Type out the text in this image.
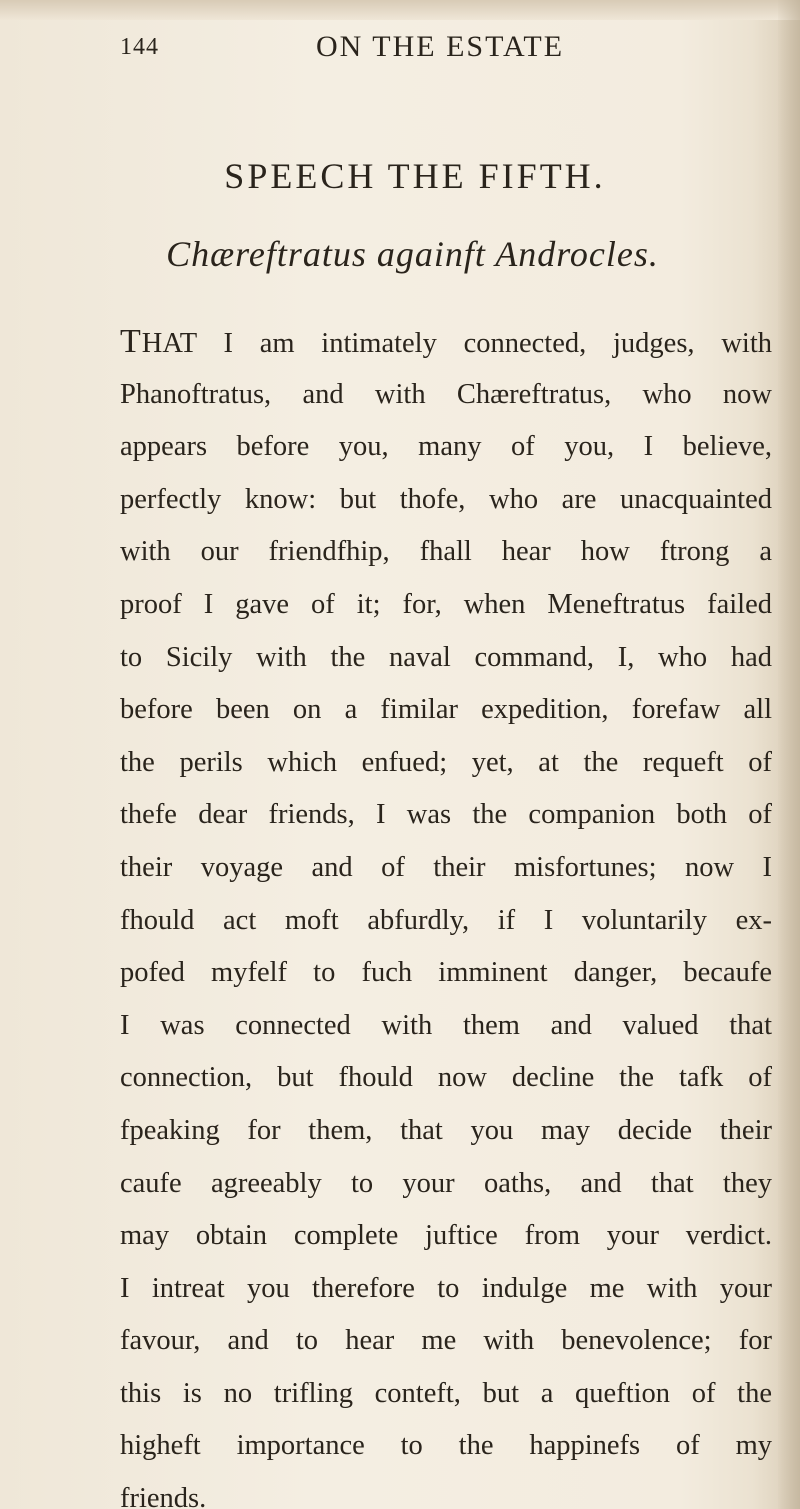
144	ON THE ESTATE
SPEECH THE FIFTH.
Chæreftratus againft Androcles.
THAT I am intimately connected, judges, with
Phanoftratus, and with Chæreftratus, who now
appears before you, many of you, I believe,
perfectly know: but thofe, who are unacquainted
with our friendfhip, fhall hear how ftrong a
proof I gave of it; for, when Meneftratus failed
to Sicily with the naval command, I, who had
before been on a fimilar expedition, forefaw all
the perils which enfued; yet, at the requeft of
thefe dear friends, I was the companion both of
their voyage and of their misfortunes; now I
fhould act moft abfurdly, if I voluntarily ex-
pofed myfelf to fuch imminent danger, becaufe
I was connected with them and valued that
connection, but fhould now decline the tafk of
fpeaking for them, that you may decide their
caufe agreeably to your oaths, and that they
may obtain complete juftice from your verdict.
I intreat you therefore to indulge me with your
favour, and to hear me with benevolence; for
this is no trifling conteft, but a queftion of the
higheft importance to the happinefs of my
friends.
